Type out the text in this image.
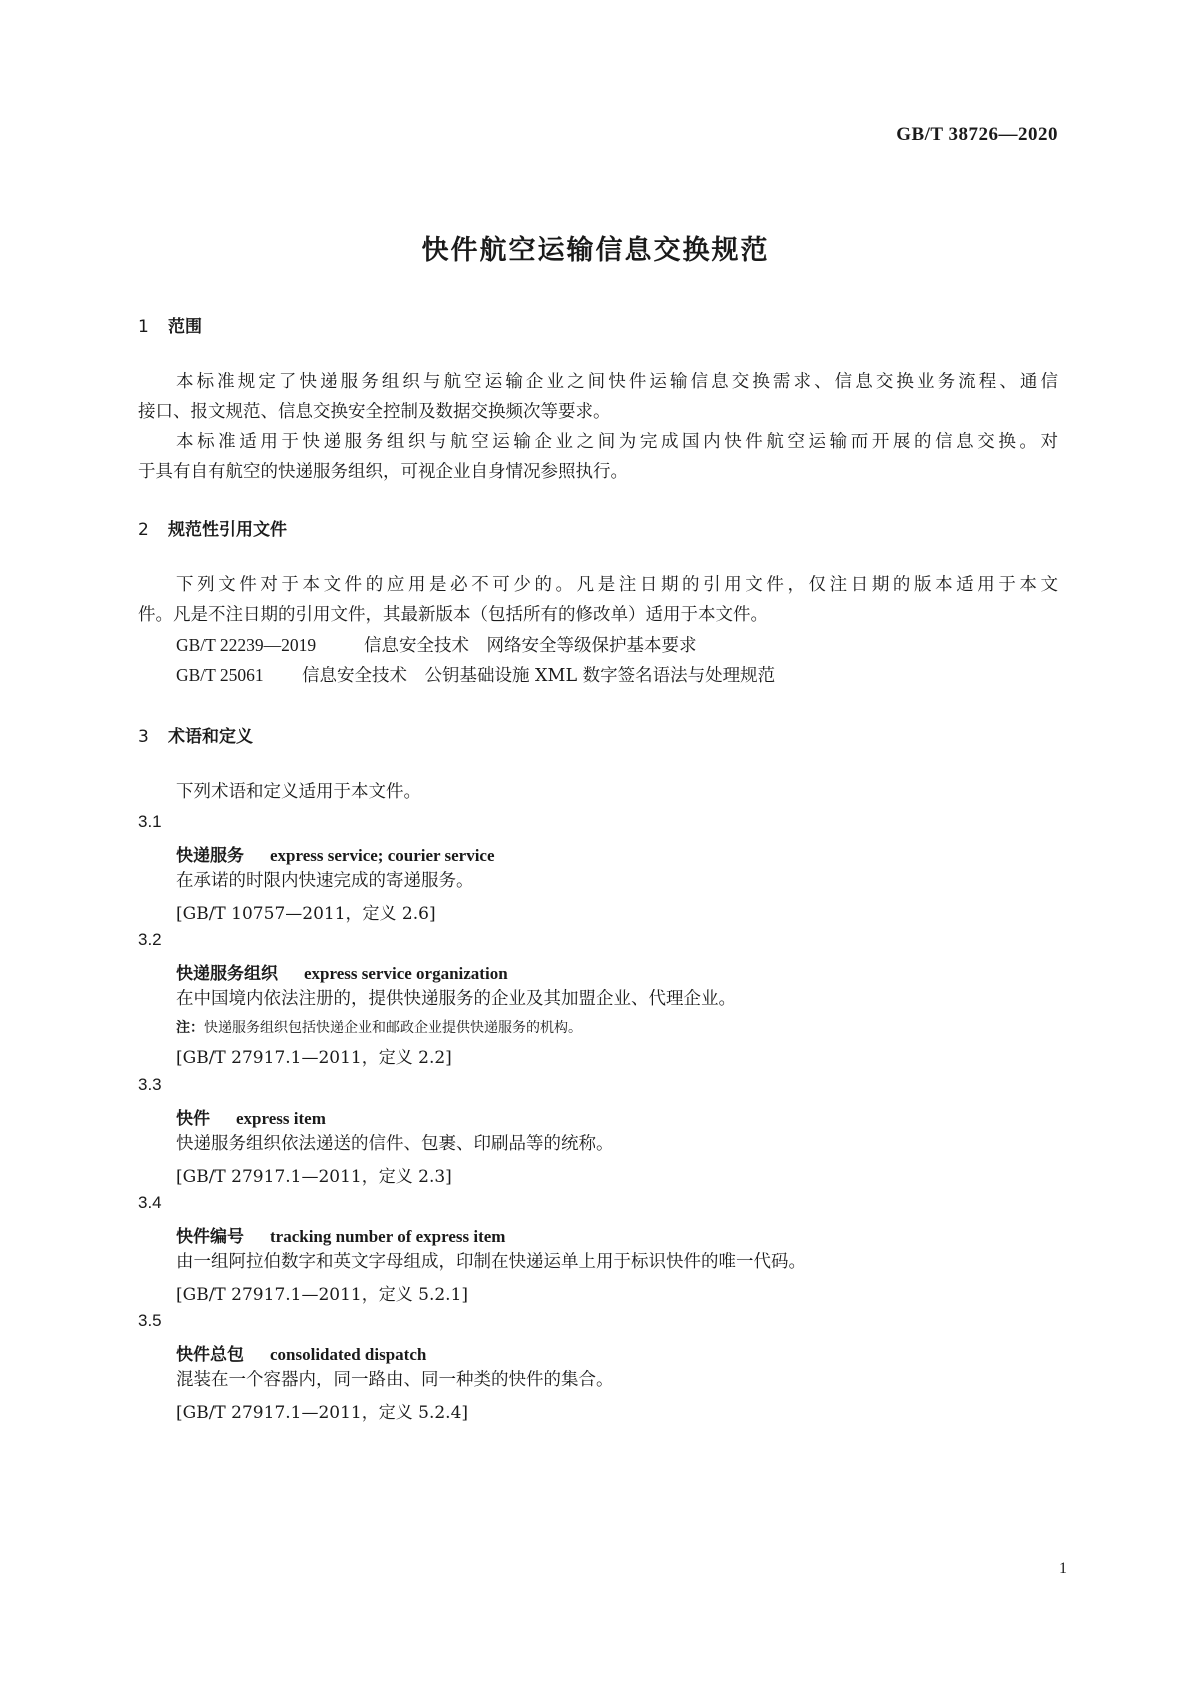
GB/T 38726—2020
快件航空运输信息交换规范
1 范围
本标准规定了快递服务组织与航空运输企业之间快件运输信息交换需求、信息交换业务流程、通信
接口、报文规范、信息交换安全控制及数据交换频次等要求。
本标准适用于快递服务组织与航空运输企业之间为完成国内快件航空运输而开展的信息交换。对
于具有自有航空的快递服务组织，可视企业自身情况参照执行。
2 规范性引用文件
下列文件对于本文件的应用是必不可少的。凡是注日期的引用文件，仅注日期的版本适用于本文
件。凡是不注日期的引用文件，其最新版本（包括所有的修改单）适用于本文件。
GB/T 22239—2019	信息安全技术　网络安全等级保护基本要求
GB/T 25061 信息安全技术　公钥基础设施 XML 数字签名语法与处理规范
3 术语和定义
下列术语和定义适用于本文件。
3.1
快递服务 express service; courier service
在承诺的时限内快速完成的寄递服务。
[GB/T 10757—2011，定义 2.6]
3.2
快递服务组织 express service organization
在中国境内依法注册的，提供快递服务的企业及其加盟企业、代理企业。
注：快递服务组织包括快递企业和邮政企业提供快递服务的机构。
[GB/T 27917.1—2011，定义 2.2]
3.3
快件 express item
快递服务组织依法递送的信件、包裹、印刷品等的统称。
[GB/T 27917.1—2011，定义 2.3]
3.4
快件编号 tracking number of express item
由一组阿拉伯数字和英文字母组成，印制在快递运单上用于标识快件的唯一代码。
[GB/T 27917.1—2011，定义 5.2.1]
3.5
快件总包 consolidated dispatch
混装在一个容器内，同一路由、同一种类的快件的集合。
[GB/T 27917.1—2011，定义 5.2.4]
1
